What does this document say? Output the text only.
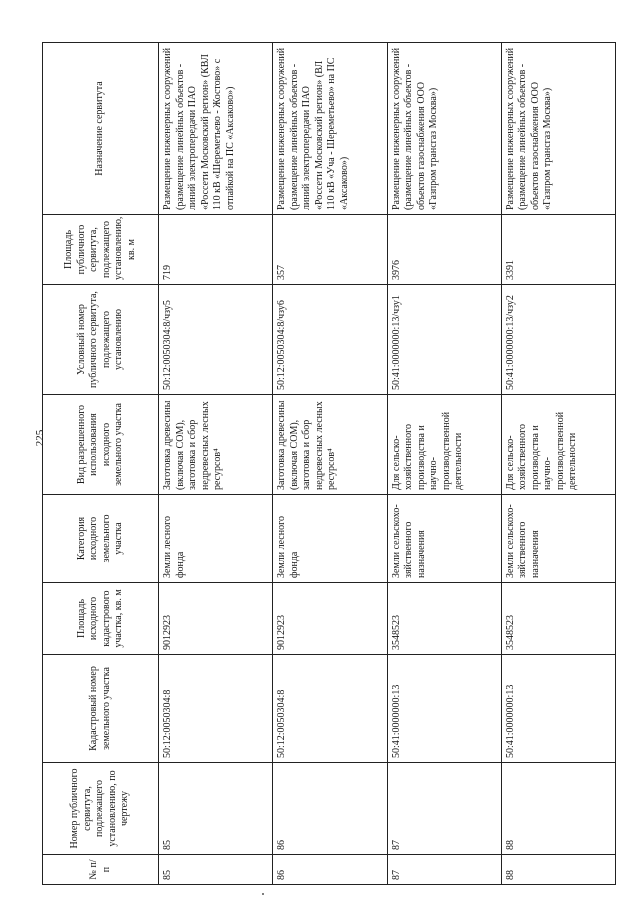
225
№ п/п	Номер публичного сервитута, подлежащего установлению, по чертежу	Кадастровый номер земельного участка	Площадь исходного кадастрового участка, кв. м	Категория исходного земельного участка	Вид разрешенного использования исходного земельного участка	Условный номер публичного сервитута, подлежащего установлению	Площадь публичного сервитута, подлежащего установлению, кв. м	Назначение сервитута
85	85	50:12:0050304:8	9012923	Земли лесного фонда	Заготовка древесины (включая СОМ), заготовка и сбор недревесных лесных ресурсов⁴	50:12:0050304:8/чзу5	719	Размещение инженерных сооружений (размещение линейных объектов - линий электропередачи ПАО «Россети Московский регион» (КВЛ 110 кВ «Шереметьево - Жостово» с отпайкой на ПС «Аксаково»)
86	86	50:12:0050304:8	9012923	Земли лесного фонда	Заготовка древесины (включая СОМ), заготовка и сбор недревесных лесных ресурсов⁴	50:12:0050304:8/чзу6	357	Размещение инженерных сооружений (размещение линейных объектов - линий электропередачи ПАО «Россети Московский регион» (ВЛ 110 кВ «Уча - Шереметьево» на ПС «Аксаково»)
87	87	50:41:0000000:13	3548523	Земли сельскохо-зяйственного назначения	Для сельско-хозяйственного производства и научно-производственной деятельности	50:41:0000000:13/чзу1	3976	Размещение инженерных сооружений (размещение линейных объектов - объектов газоснабжения ООО «Газпром трансгаз Москва»)
88	88	50:41:0000000:13	3548523	Земли сельскохо-зяйственного назначения	Для сельско-хозяйственного производства и научно-производственной деятельности	50:41:0000000:13/чзу2	3391	Размещение инженерных сооружений (размещение линейных объектов - объектов газоснабжения ООО «Газпром трансгаз Москва»)
